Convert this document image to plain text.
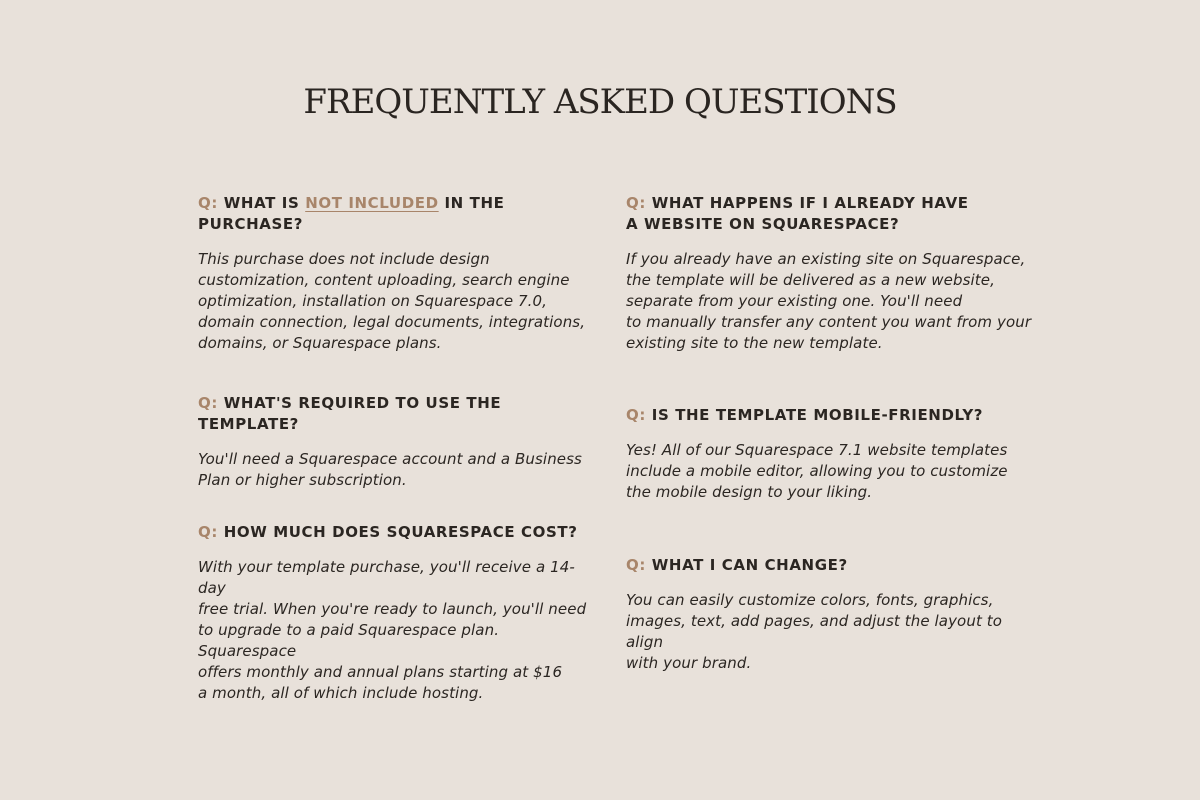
FREQUENTLY ASKED QUESTIONS

Q: WHAT IS NOT INCLUDED IN THE PURCHASE?

This purchase does not include design
customization, content uploading, search engine
optimization, installation on Squarespace 7.0,
domain connection, legal documents, integrations,
domains, or Squarespace plans.

Q: WHAT'S REQUIRED TO USE THE TEMPLATE?

You'll need a Squarespace account and a Business
Plan or higher subscription.

Q: HOW MUCH DOES SQUARESPACE COST?

With your template purchase, you'll receive a 14-day
free trial. When you're ready to launch, you'll need
to upgrade to a paid Squarespace plan. Squarespace
offers monthly and annual plans starting at $16
a month, all of which include hosting.

Q: WHAT HAPPENS IF I ALREADY HAVE
A WEBSITE ON SQUARESPACE?

If you already have an existing site on Squarespace,
the template will be delivered as a new website,
separate from your existing one. You'll need
to manually transfer any content you want from your
existing site to the new template.

Q: IS THE TEMPLATE MOBILE-FRIENDLY?

Yes! All of our Squarespace 7.1 website templates
include a mobile editor, allowing you to customize
the mobile design to your liking.

Q: WHAT I CAN CHANGE?

You can easily customize colors, fonts, graphics,
images, text, add pages, and adjust the layout to align
with your brand.
